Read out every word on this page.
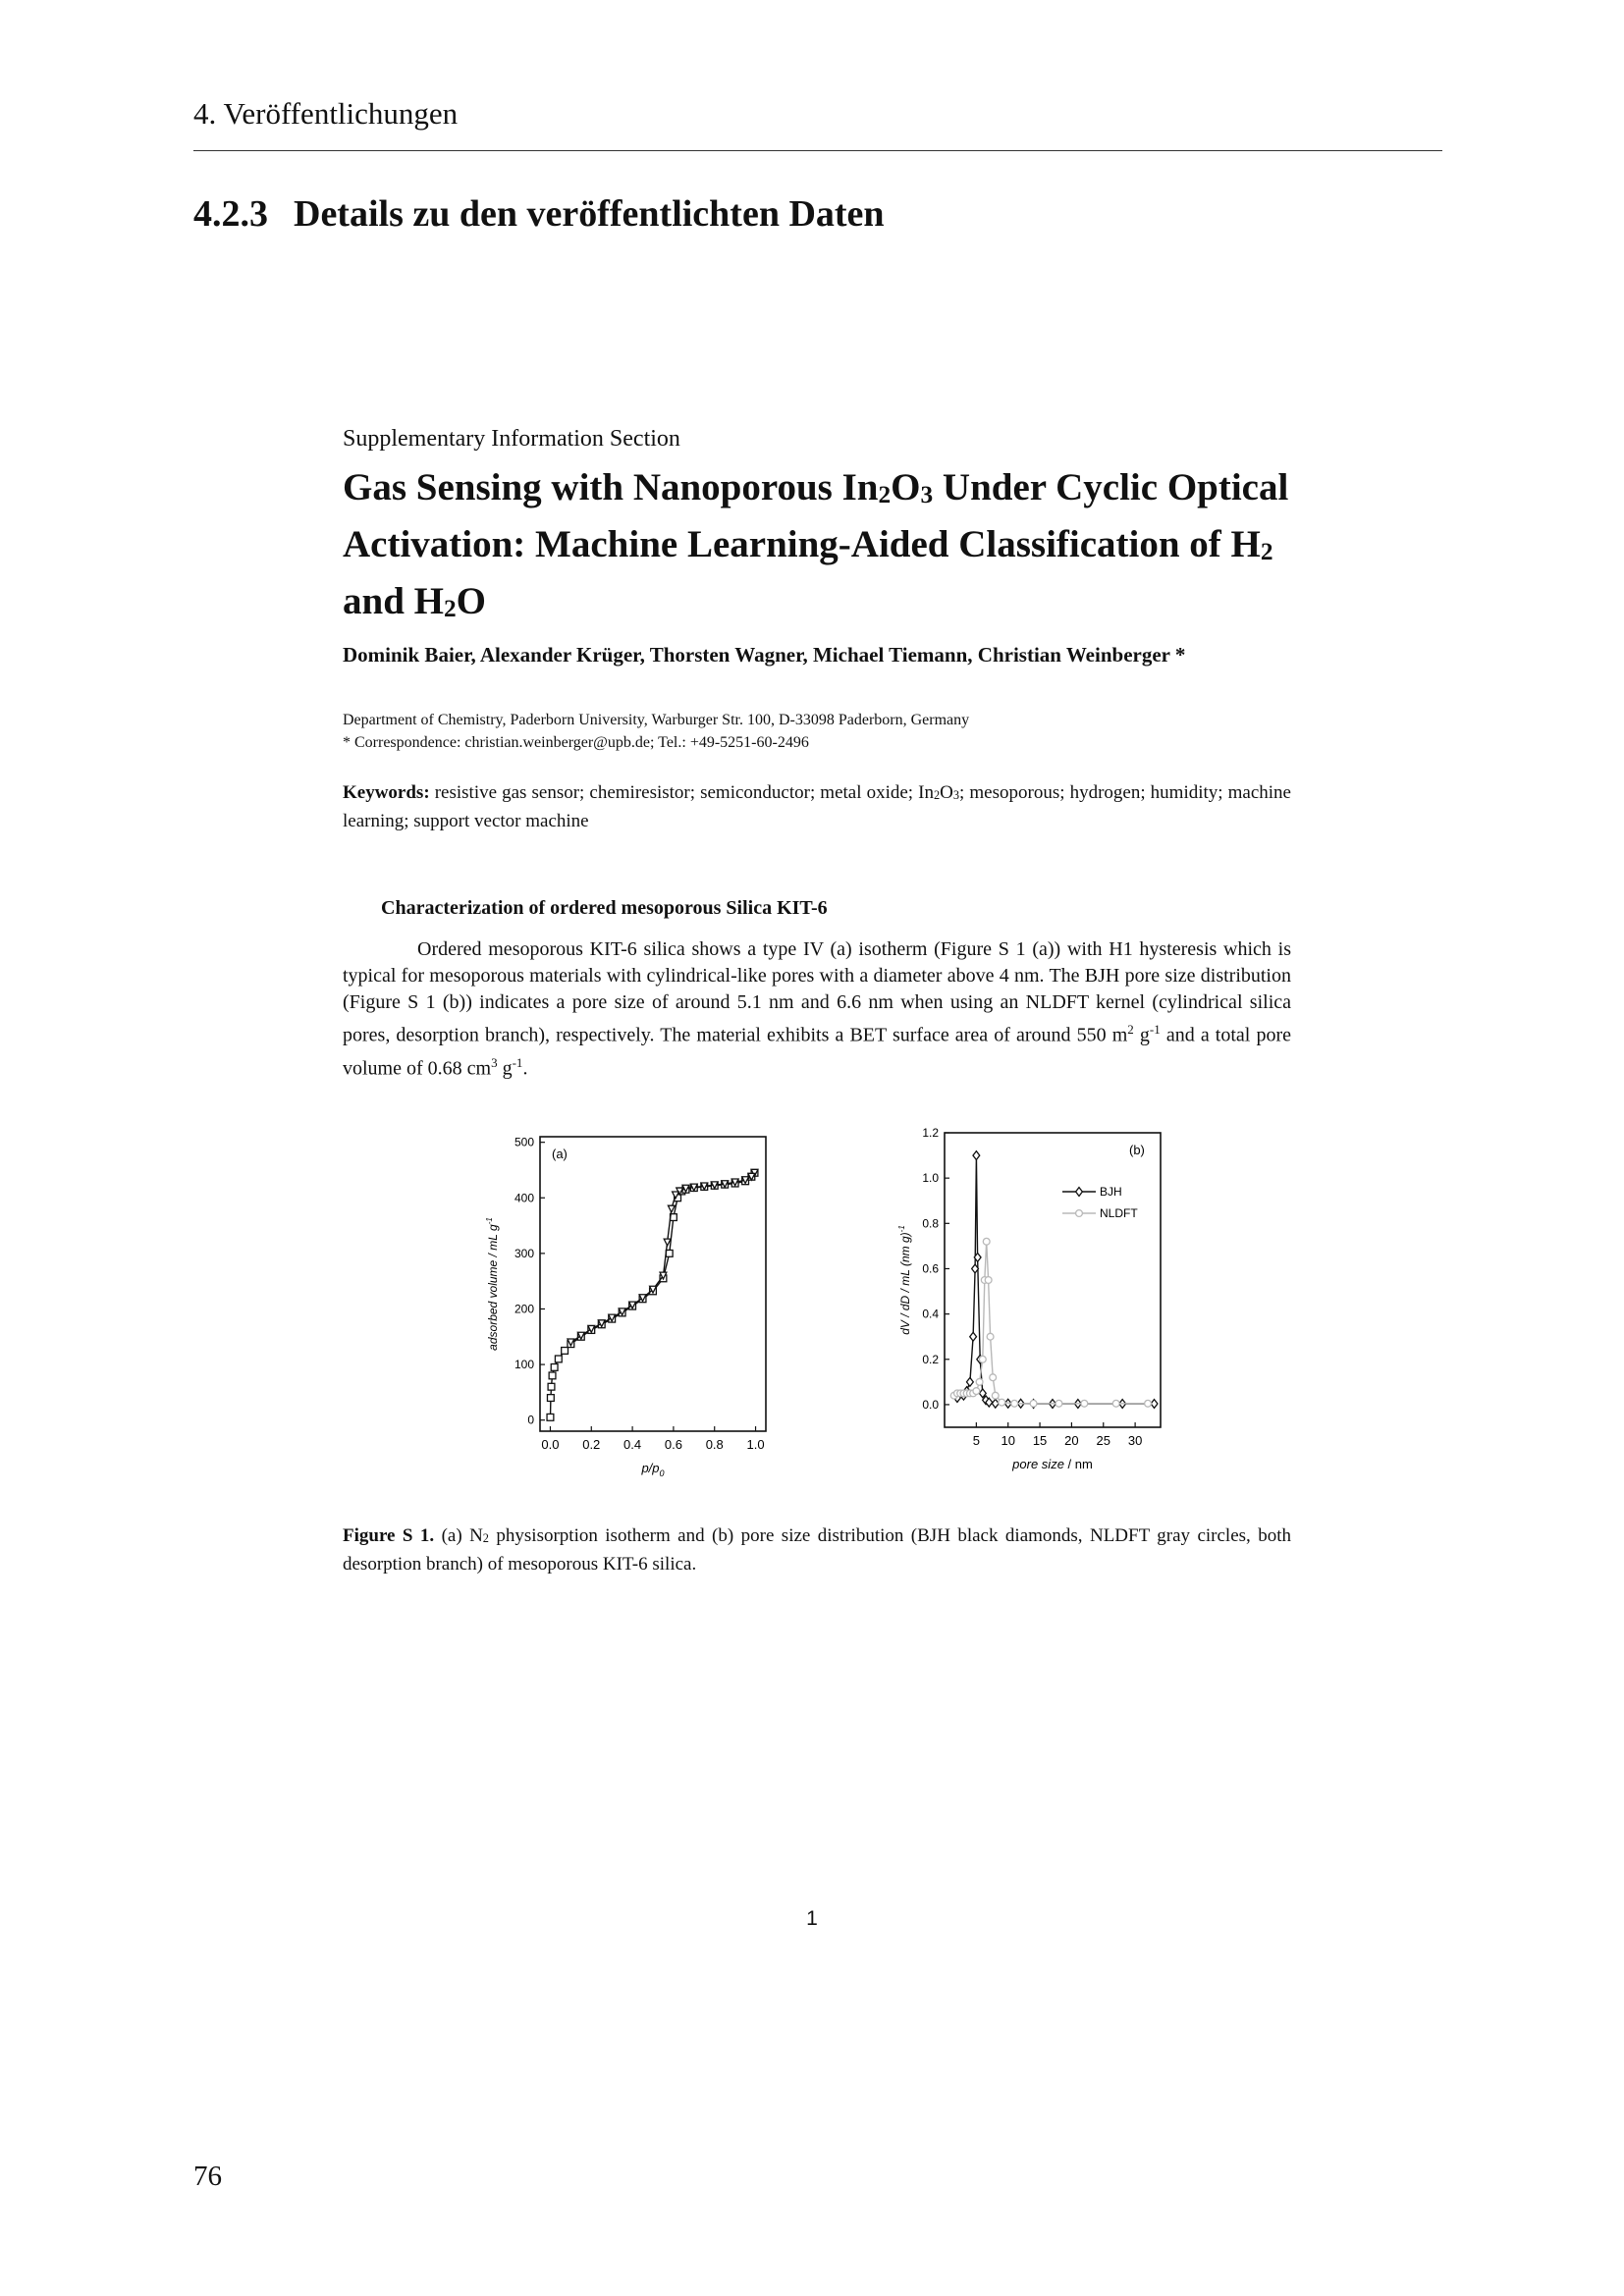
4. Veröffentlichungen
4.2.3 Details zu den veröffentlichten Daten
Supplementary Information Section
Gas Sensing with Nanoporous $In_2O_3$ Under Cyclic Optical Activation: Machine Learning-Aided Classification of $H_2$ and $H_2O$
Dominik Baier, Alexander Krüger, Thorsten Wagner, Michael Tiemann, Christian Weinberger *
Department of Chemistry, Paderborn University, Warburger Str. 100, D-33098 Paderborn, Germany
* Correspondence: christian.weinberger@upb.de; Tel.: +49-5251-60-2496
Keywords: resistive gas sensor; chemiresistor; semiconductor; metal oxide; $In_2O_3$; mesoporous; hydrogen; humidity; machine learning; support vector machine
Characterization of ordered mesoporous Silica KIT-6

Ordered mesoporous KIT-6 silica shows a type IV (a) isotherm (Figure S 1 (a)) with H1 hysteresis which is typical for mesoporous materials with cylindrical-like pores with a diameter above 4 nm. The BJH pore size distribution (Figure S 1 (b)) indicates a pore size of around 5.1 nm and 6.6 nm when using an NLDFT kernel (cylindrical silica pores, desorption branch), respectively. The material exhibits a BET surface area of around 550 $m^2$ $g^{-1}$ and a total pore volume of 0.68 $cm^3$ $g^{-1}$.

0.0 0.2 0.4 0.6 0.8 1.0
0
100
200
300
400
500
(a)
adsorbed volume / mL $g^{-1}$
$p/p_0$
5 10 15 20 25 30
0.0
0.2
0.4
0.6
0.8
1.0
1.2
BJH
NLDFT
(b)
dV / dD / mL (nm g)$^{-1}$
pore size / nm
Figure S 1. (a) $N_2$ physisorption isotherm and (b) pore size distribution (BJH black diamonds, NLDFT gray circles, both desorption branch) of mesoporous KIT-6 silica.
1
76
